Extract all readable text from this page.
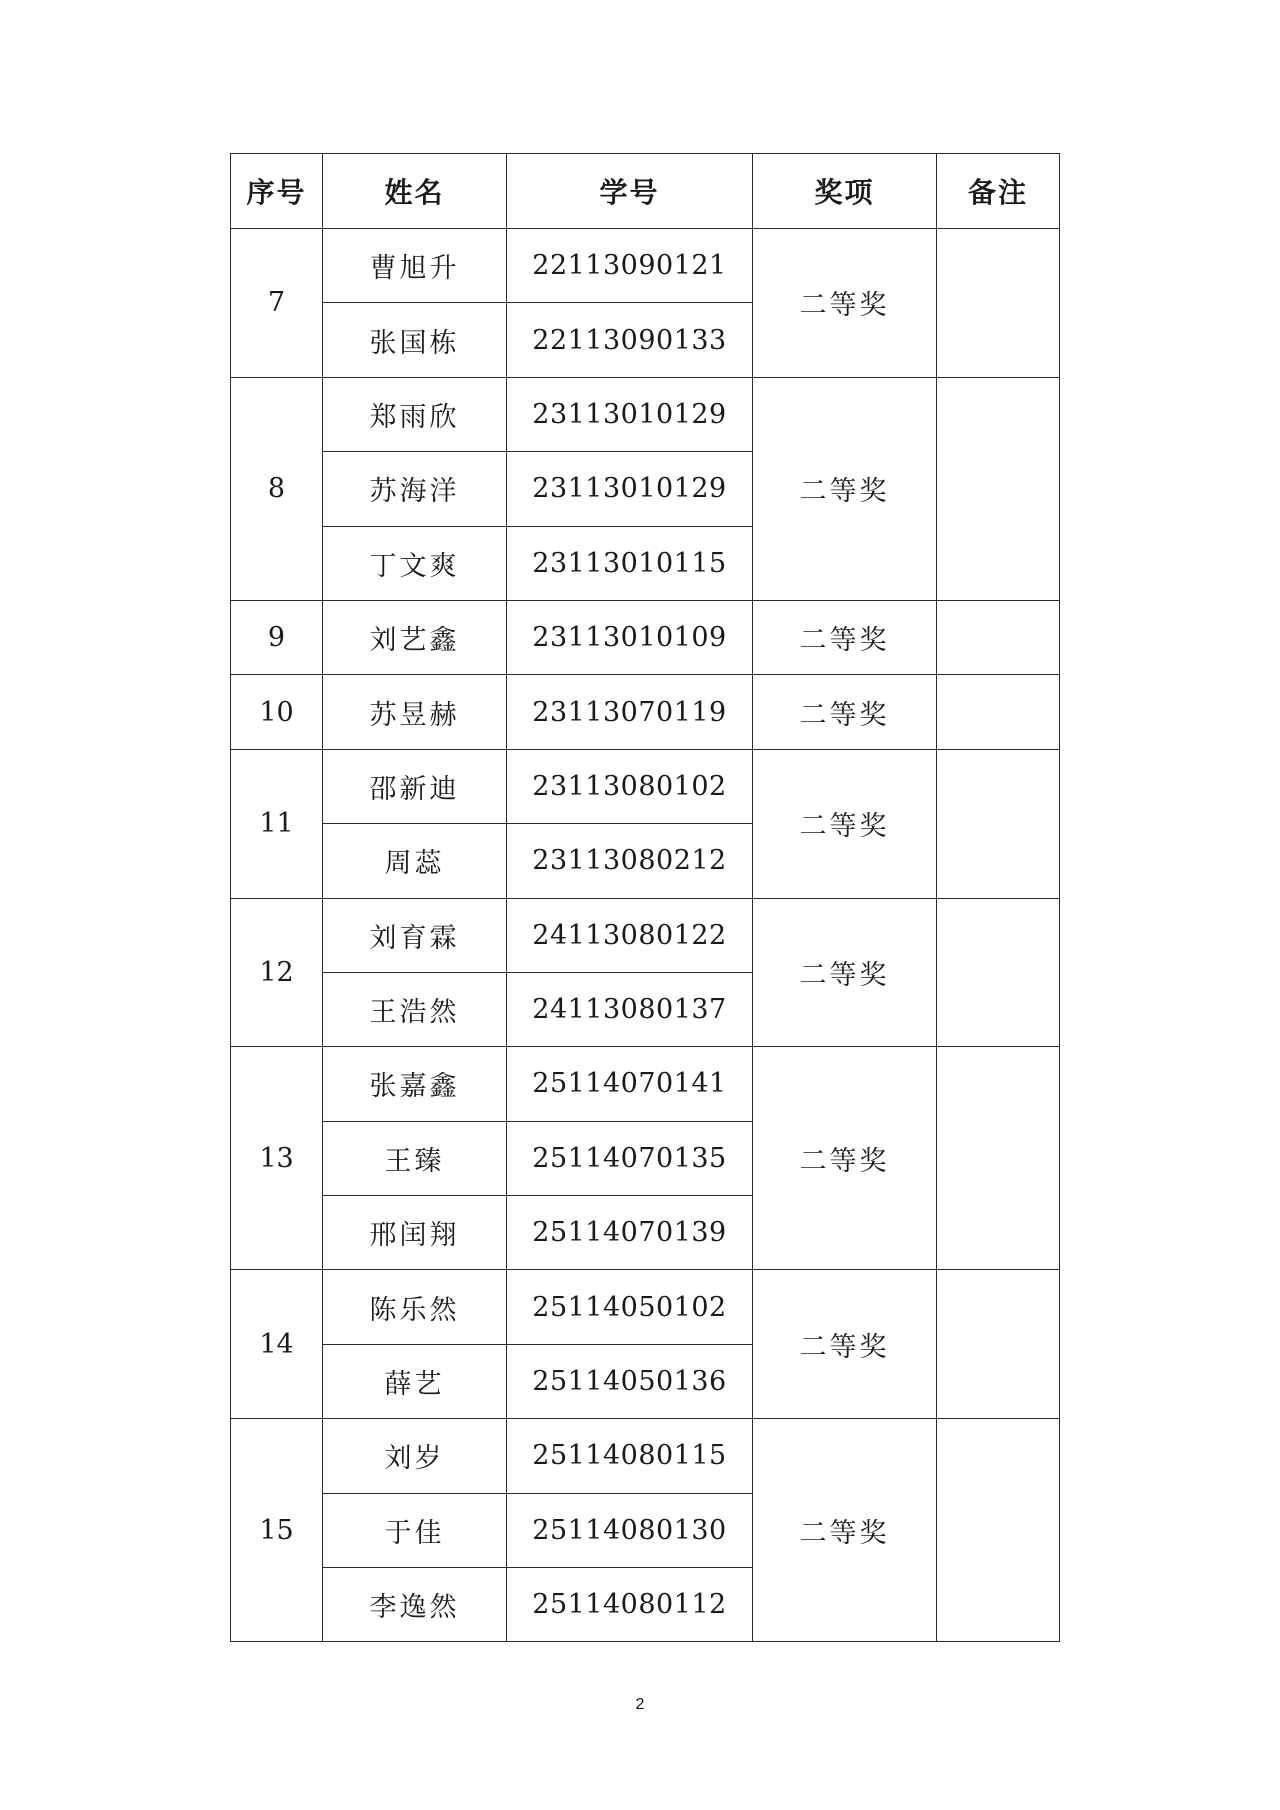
序号	姓名	学号	奖项	备注
7	曹旭升	22113090121	二等奖	
	张国栋	22113090133		
8	郑雨欣	23113010129	二等奖	
	苏海洋	23113010129		
	丁文爽	23113010115		
9	刘艺鑫	23113010109	二等奖	
10	苏昱赫	23113070119	二等奖	
11	邵新迪	23113080102	二等奖	
	周蕊	23113080212		
12	刘育霖	24113080122	二等奖	
	王浩然	24113080137		
13	张嘉鑫	25114070141	二等奖	
	王臻	25114070135		
	邢闰翔	25114070139		
14	陈乐然	25114050102	二等奖	
	薛艺	25114050136		
15	刘岁	25114080115	二等奖	
	于佳	25114080130		
	李逸然	25114080112		
2
